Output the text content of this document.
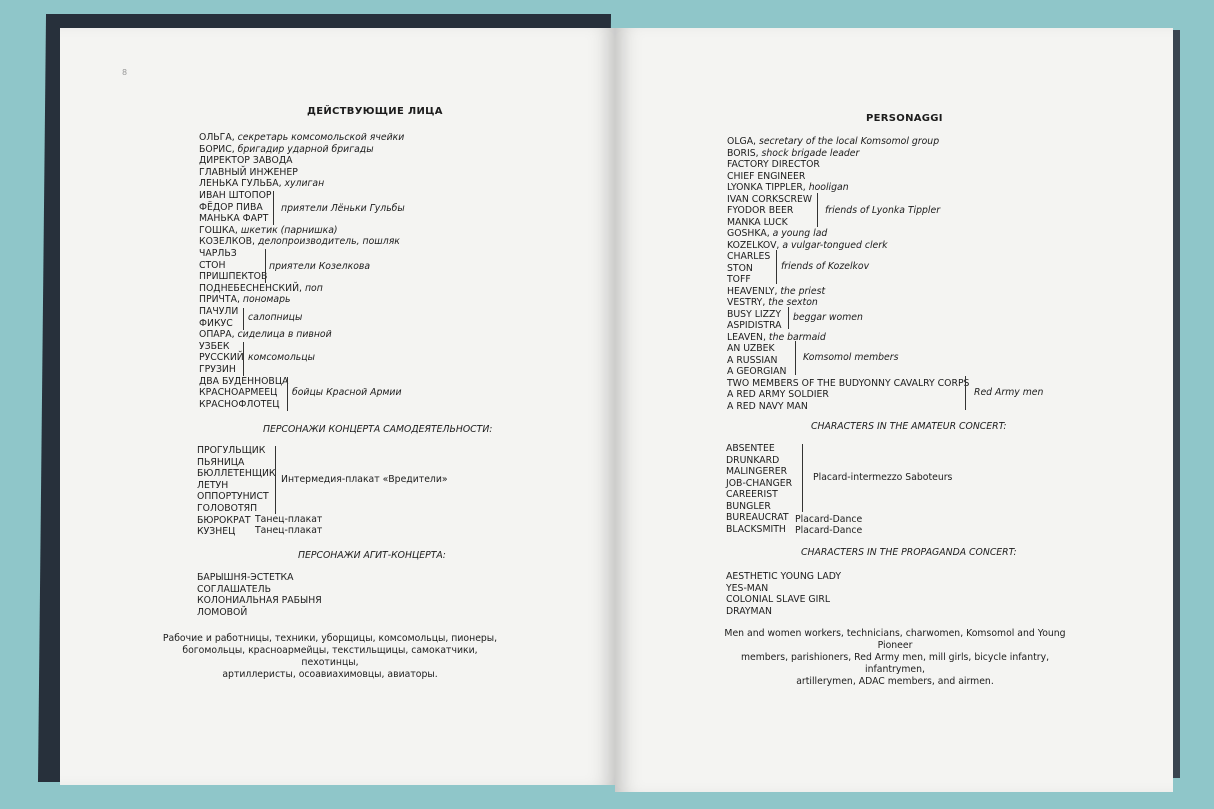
8
ДЕЙСТВУЮЩИЕ ЛИЦА
ОЛЬГА, секретарь комсомольской ячейки
БОРИС, бригадир ударной бригады
ДИРЕКТОР ЗАВОДА
ГЛАВНЫЙ ИНЖЕНЕР
ЛЕНЬКА ГУЛЬБА, хулиган
ИВАН ШТОПОР
ФЁДОР ПИВА
МАНЬКА ФАРТ
ГОШКА, шкетик (парнишка)
КОЗЕЛКОВ, делопроизводитель, пошляк
ЧАРЛЬЗ
СТОН
ПРИШПЕКТОВ
ПОДНЕБЕСНЕНСКИЙ, поп
ПРИЧТА, пономарь
ПАЧУЛИ
ФИКУС
ОПАРА, сиделица в пивной
УЗБЕК
РУССКИЙ
ГРУЗИН
ДВА БУДЕННОВЦА
КРАСНОАРМЕЕЦ
КРАСНОФЛОТЕЦ
приятели Лёньки Гульбы
приятели Козелкова
салопницы
комсомольцы
бойцы Красной Армии
ПЕРСОНАЖИ КОНЦЕРТА САМОДЕЯТЕЛЬНОСТИ:
ПРОГУЛЬЩИК
ПЬЯНИЦА
БЮЛЛЕТЕНЩИК
ЛЕТУН
ОППОРТУНИСТ
ГОЛОВОТЯП
БЮРОКРАТ
КУЗНЕЦ
Интермедия-плакат «Вредители»
Танец-плакат
Танец-плакат
ПЕРСОНАЖИ АГИТ-КОНЦЕРТА:
БАРЫШНЯ-ЭСТЕТКА
СОГЛАШАТЕЛЬ
КОЛОНИАЛЬНАЯ РАБЫНЯ
ЛОМОВОЙ
Рабочие и работницы, техники, уборщицы, комсомольцы, пионеры,
богомольцы, красноармейцы, текстильщицы, самокатчики, пехотинцы,
артиллеристы, осоавиахимовцы, авиаторы.
PERSONAGGI
OLGA, secretary of the local Komsomol group
BORIS, shock brigade leader
FACTORY DIRECTOR
CHIEF ENGINEER
LYONKA TIPPLER, hooligan
IVAN CORKSCREW
FYODOR BEER
MANKA LUCK
GOSHKA, a young lad
KOZELKOV, a vulgar-tongued clerk
CHARLES
STON
TOFF
HEAVENLY, the priest
VESTRY, the sexton
BUSY LIZZY
ASPIDISTRA
LEAVEN, the barmaid
AN UZBEK
A RUSSIAN
A GEORGIAN
TWO MEMBERS OF THE BUDYONNY CAVALRY CORPS
A RED ARMY SOLDIER
A RED NAVY MAN
friends of Lyonka Tippler
friends of Kozelkov
beggar women
Komsomol members
Red Army men
CHARACTERS IN THE AMATEUR CONCERT:
ABSENTEE
DRUNKARD
MALINGERER
JOB-CHANGER
CAREERIST
BUNGLER
BUREAUCRAT
BLACKSMITH
Placard-intermezzo Saboteurs
Placard-Dance
Placard-Dance
CHARACTERS IN THE PROPAGANDA CONCERT:
AESTHETIC YOUNG LADY
YES-MAN
COLONIAL SLAVE GIRL
DRAYMAN
Men and women workers, technicians, charwomen, Komsomol and Young Pioneer
members, parishioners, Red Army men, mill girls, bicycle infantry, infantrymen,
artillerymen, ADAC members, and airmen.
